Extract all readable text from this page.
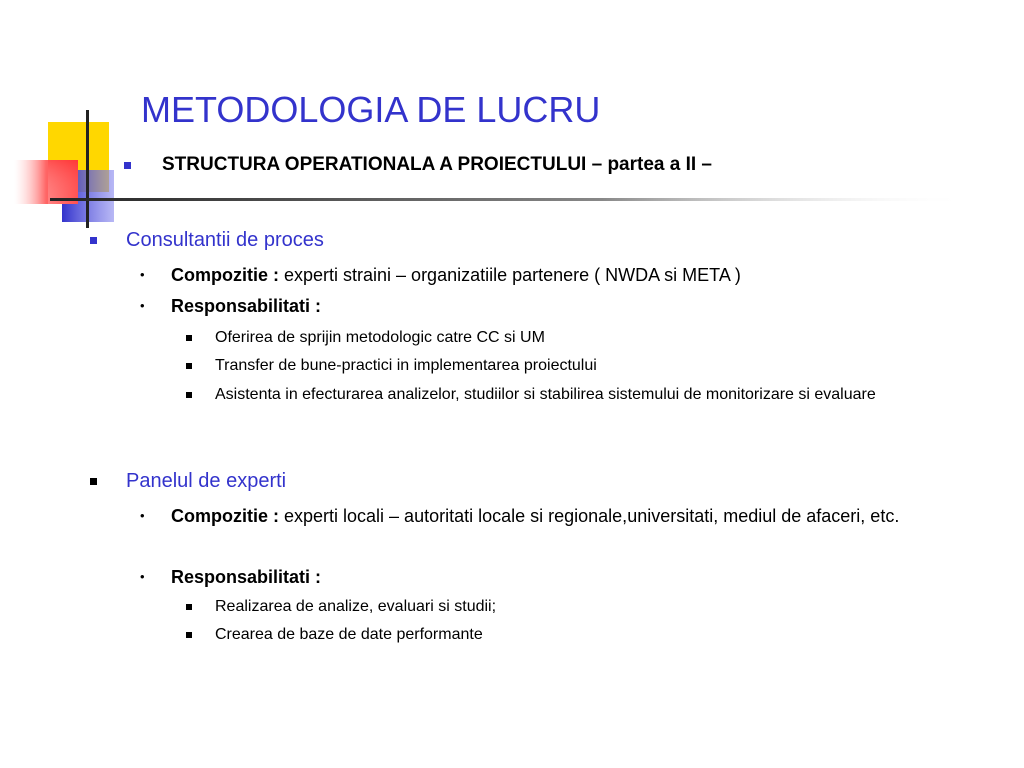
METODOLOGIA DE LUCRU
STRUCTURA OPERATIONALA A PROIECTULUI – partea a II –
Consultantii de proces
• Compozitie : experti straini – organizatiile partenere ( NWDA si META )
• Responsabilitati :
Oferirea de sprijin metodologic catre CC si UM
Transfer de bune-practici in implementarea proiectului
Asistenta in efecturarea analizelor, studiilor si stabilirea sistemului de monitorizare si evaluare
Panelul de experti
• Compozitie : experti locali – autoritati locale si regionale,universitati, mediul de afaceri, etc.
• Responsabilitati :
Realizarea de analize, evaluari si studii;
Crearea de baze de date performante
